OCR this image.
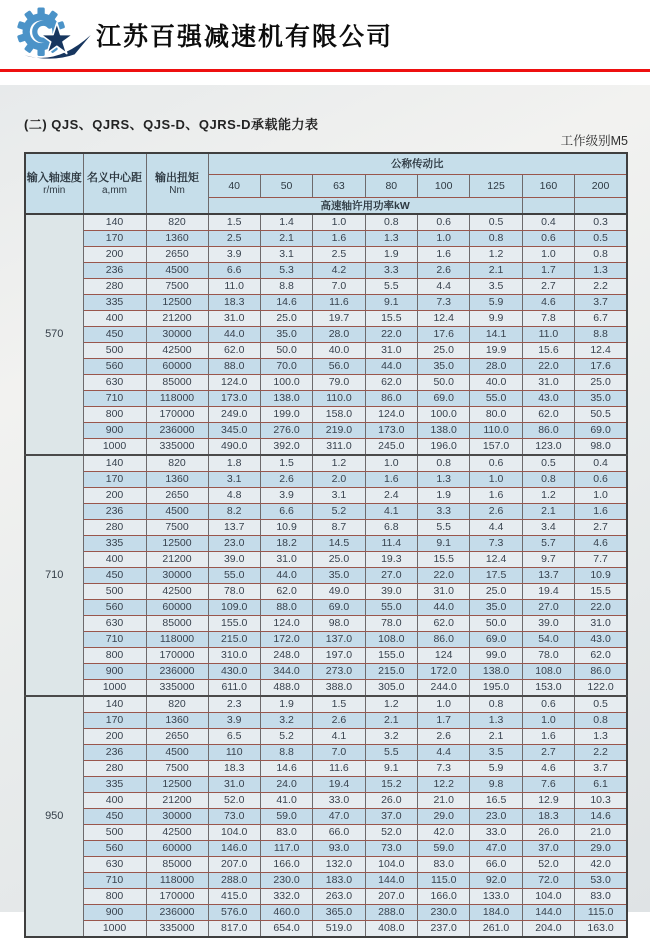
江苏百强减速机有限公司
(二) QJS、QJRS、QJS-D、QJRS-D承载能力表
工作级别M5
输入轴速度
r/min

名义中心距
a,mm

输出扭矩
Nm
	公称传动比
			40	50	63	80	100	125	160	200
			高速轴许用功率kW							
570	140	820	1.5	1.4	1.0	0.8	0.6	0.5	0.4	0.3
	170	1360	2.5	2.1	1.6	1.3	1.0	0.8	0.6	0.5
	200	2650	3.9	3.1	2.5	1.9	1.6	1.2	1.0	0.8
	236	4500	6.6	5.3	4.2	3.3	2.6	2.1	1.7	1.3
	280	7500	11.0	8.8	7.0	5.5	4.4	3.5	2.7	2.2
	335	12500	18.3	14.6	11.6	9.1	7.3	5.9	4.6	3.7
	400	21200	31.0	25.0	19.7	15.5	12.4	9.9	7.8	6.7
	450	30000	44.0	35.0	28.0	22.0	17.6	14.1	11.0	8.8
	500	42500	62.0	50.0	40.0	31.0	25.0	19.9	15.6	12.4
	560	60000	88.0	70.0	56.0	44.0	35.0	28.0	22.0	17.6
	630	85000	124.0	100.0	79.0	62.0	50.0	40.0	31.0	25.0
	710	118000	173.0	138.0	110.0	86.0	69.0	55.0	43.0	35.0
	800	170000	249.0	199.0	158.0	124.0	100.0	80.0	62.0	50.5
	900	236000	345.0	276.0	219.0	173.0	138.0	110.0	86.0	69.0
	1000	335000	490.0	392.0	311.0	245.0	196.0	157.0	123.0	98.0
710	140	820	1.8	1.5	1.2	1.0	0.8	0.6	0.5	0.4
	170	1360	3.1	2.6	2.0	1.6	1.3	1.0	0.8	0.6
	200	2650	4.8	3.9	3.1	2.4	1.9	1.6	1.2	1.0
	236	4500	8.2	6.6	5.2	4.1	3.3	2.6	2.1	1.6
	280	7500	13.7	10.9	8.7	6.8	5.5	4.4	3.4	2.7
	335	12500	23.0	18.2	14.5	11.4	9.1	7.3	5.7	4.6
	400	21200	39.0	31.0	25.0	19.3	15.5	12.4	9.7	7.7
	450	30000	55.0	44.0	35.0	27.0	22.0	17.5	13.7	10.9
	500	42500	78.0	62.0	49.0	39.0	31.0	25.0	19.4	15.5
	560	60000	109.0	88.0	69.0	55.0	44.0	35.0	27.0	22.0
	630	85000	155.0	124.0	98.0	78.0	62.0	50.0	39.0	31.0
	710	118000	215.0	172.0	137.0	108.0	86.0	69.0	54.0	43.0
	800	170000	310.0	248.0	197.0	155.0	124	99.0	78.0	62.0
	900	236000	430.0	344.0	273.0	215.0	172.0	138.0	108.0	86.0
	1000	335000	611.0	488.0	388.0	305.0	244.0	195.0	153.0	122.0
950	140	820	2.3	1.9	1.5	1.2	1.0	0.8	0.6	0.5
	170	1360	3.9	3.2	2.6	2.1	1.7	1.3	1.0	0.8
	200	2650	6.5	5.2	4.1	3.2	2.6	2.1	1.6	1.3
	236	4500	110	8.8	7.0	5.5	4.4	3.5	2.7	2.2
	280	7500	18.3	14.6	11.6	9.1	7.3	5.9	4.6	3.7
	335	12500	31.0	24.0	19.4	15.2	12.2	9.8	7.6	6.1
	400	21200	52.0	41.0	33.0	26.0	21.0	16.5	12.9	10.3
	450	30000	73.0	59.0	47.0	37.0	29.0	23.0	18.3	14.6
	500	42500	104.0	83.0	66.0	52.0	42.0	33.0	26.0	21.0
	560	60000	146.0	117.0	93.0	73.0	59.0	47.0	37.0	29.0
	630	85000	207.0	166.0	132.0	104.0	83.0	66.0	52.0	42.0
	710	118000	288.0	230.0	183.0	144.0	115.0	92.0	72.0	53.0
	800	170000	415.0	332.0	263.0	207.0	166.0	133.0	104.0	83.0
	900	236000	576.0	460.0	365.0	288.0	230.0	184.0	144.0	115.0
	1000	335000	817.0	654.0	519.0	408.0	237.0	261.0	204.0	163.0
